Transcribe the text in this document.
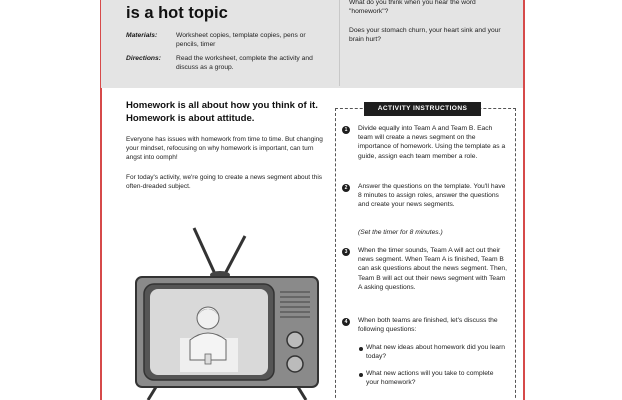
is a hot topic
Materials:	Worksheet copies, template copies, pens or pencils, timer
Directions:	Read the worksheet, complete the activity and discuss as a group.
What do you think when you hear the word "homework"?
Does your stomach churn, your heart sink and your brain hurt?
Homework is all about how you think of it. Homework is about attitude.
Everyone has issues with homework from time to time. But changing your mindset, refocusing on why homework is important, can turn angst into oomph!
For today's activity, we're going to create a news segment about this often-dreaded subject.
ACTIVITY INSTRUCTIONS
1	Divide equally into Team A and Team B. Each team will create a news segment on the importance of homework. Using the template as a guide, assign each team member a role.
2	Answer the questions on the template. You'll have 8 minutes to assign roles, answer the questions and create your news segments.
(Set the timer for 8 minutes.)
3	When the timer sounds, Team A will act out their news segment. When Team A is finished, Team B can ask questions about the news segment. Then, Team B will act out their news segment with Team A asking questions.
4	When both teams are finished, let's discuss the following questions:
What new ideas about homework did you learn today?
What new actions will you take to complete your homework?
